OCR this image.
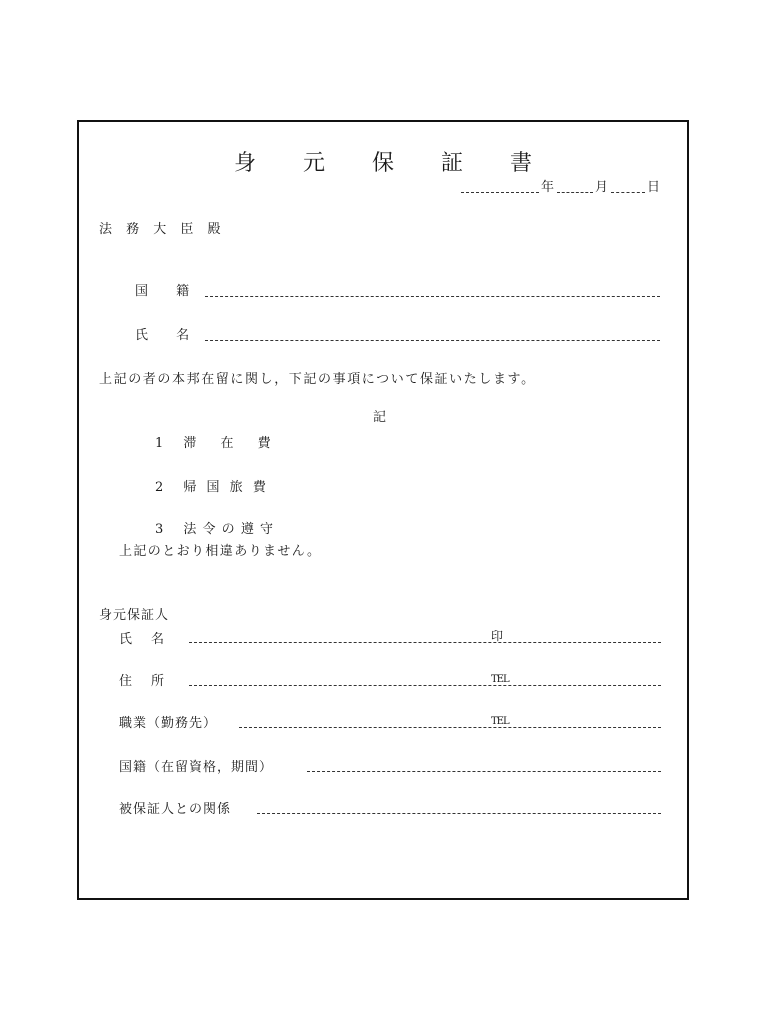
身 元 保 証 書
年	月	日
法 務 大 臣 殿
国 籍
氏 名
上記の者の本邦在留に関し，下記の事項について保証いたします。
記
1 滞 在 費
2 帰 国 旅 費
3 法 令 の 遵 守
上記のとおり相違ありません。
身元保証人
氏　名	印
住　所	TEL
職業（勤務先）	TEL
国籍（在留資格，期間）
被保証人との関係
